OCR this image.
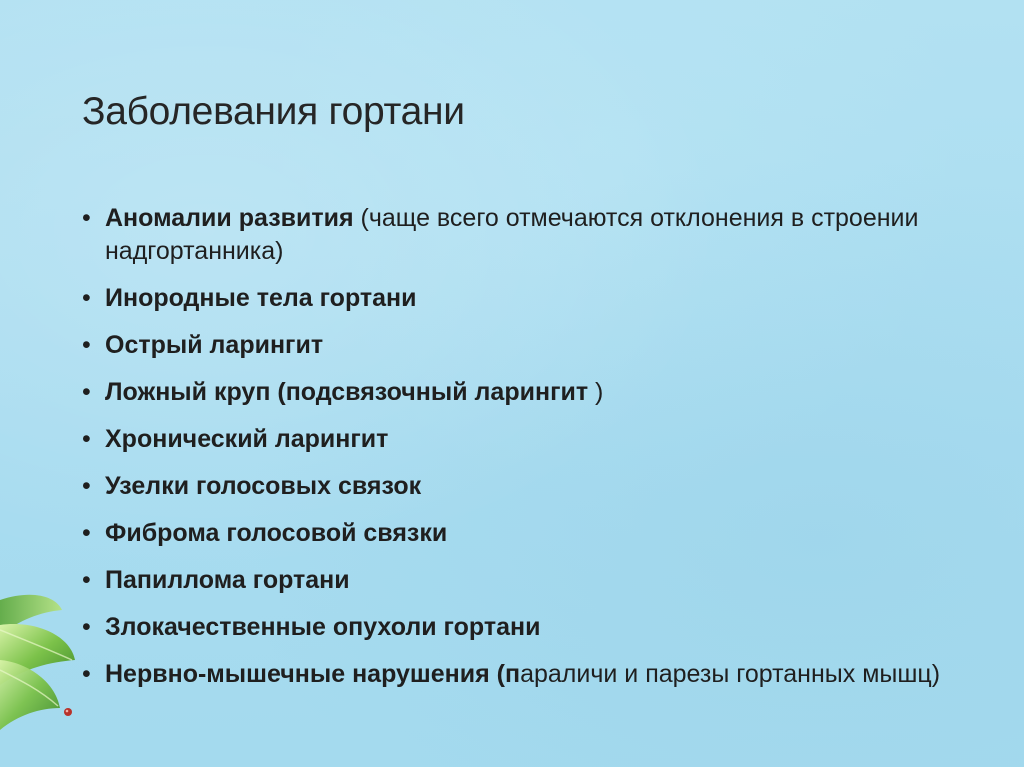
Заболевания гортани
• Аномалии развития (чаще всего отмечаются отклонения в строении надгортанника)
• Инородные тела гортани
• Острый ларингит
• Ложный круп (подсвязочный ларингит )
• Хронический ларингит
• Узелки голосовых связок
• Фиброма голосовой связки
• Папиллома гортани
• Злокачественные опухоли гортани
• Нервно-мышечные нарушения (параличи и парезы гортанных мышц)
